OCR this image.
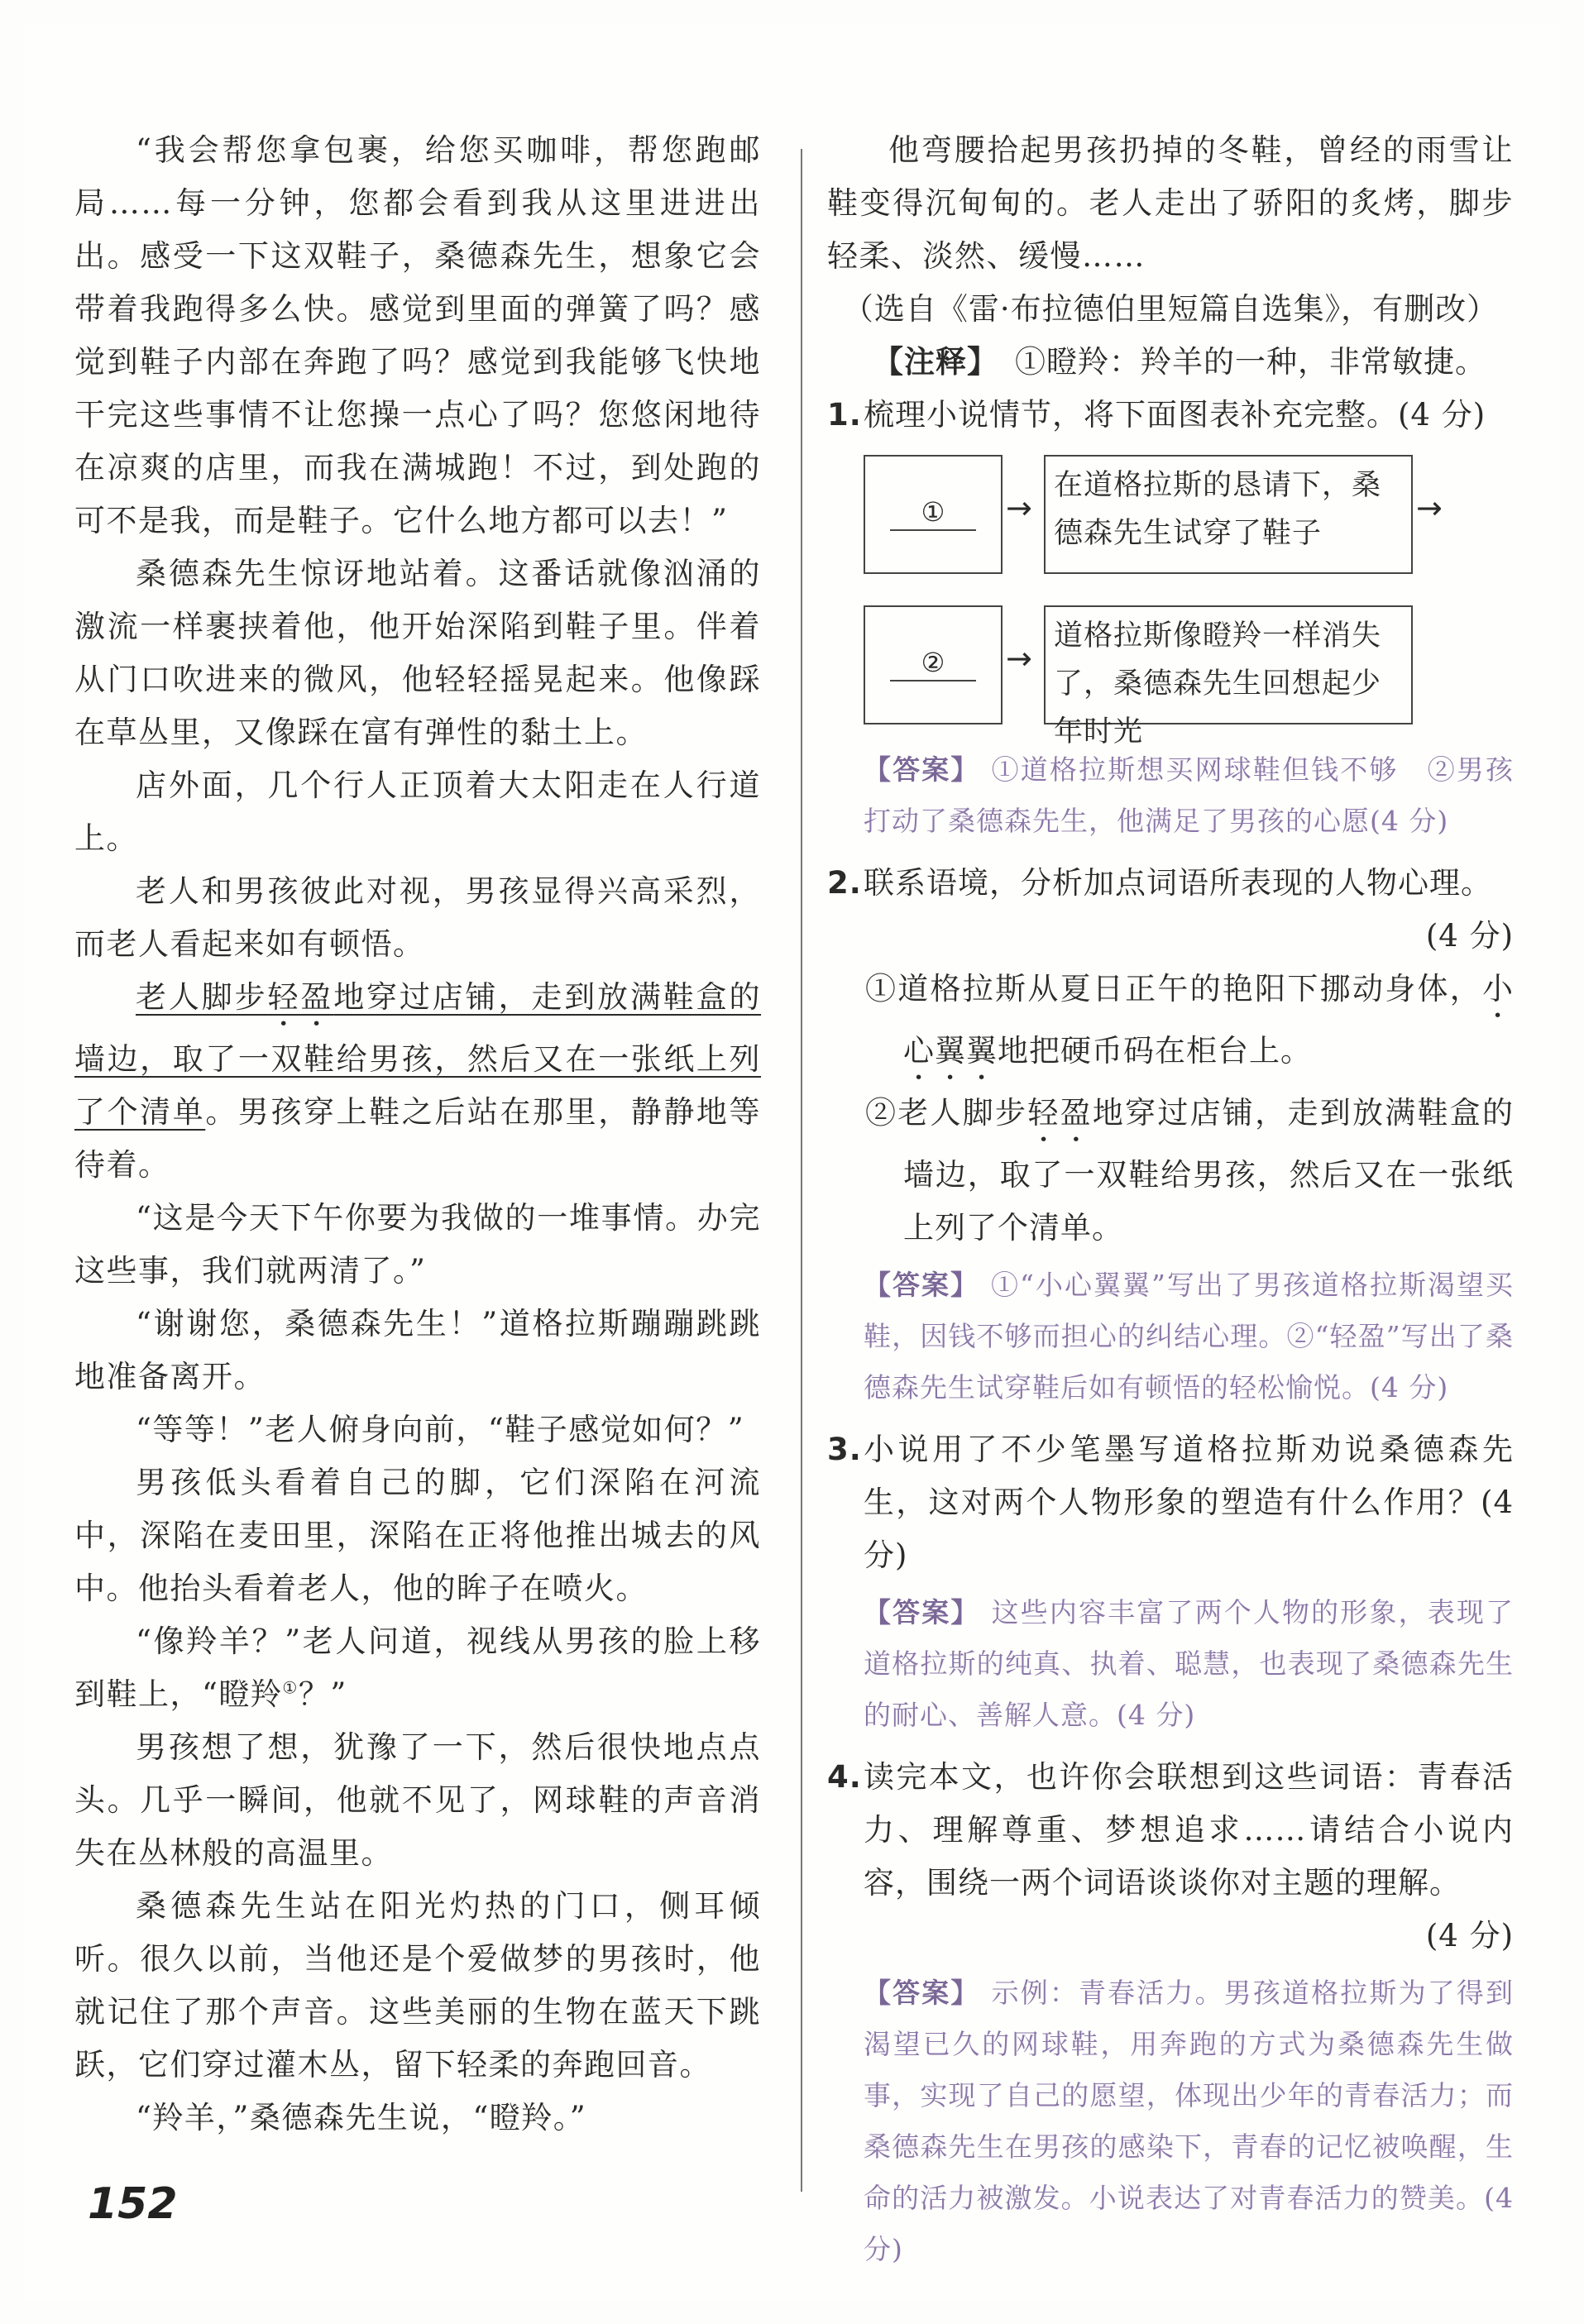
“我会帮您拿包裹，给您买咖啡，帮您跑邮局……每一分钟，您都会看到我从这里进进出出。感受一下这双鞋子，桑德森先生，想象它会带着我跑得多么快。感觉到里面的弹簧了吗？感觉到鞋子内部在奔跑了吗？感觉到我能够飞快地干完这些事情不让您操一点心了吗？您悠闲地待在凉爽的店里，而我在满城跑！不过，到处跑的可不是我，而是鞋子。它什么地方都可以去！”

桑德森先生惊讶地站着。这番话就像汹涌的激流一样裹挟着他，他开始深陷到鞋子里。伴着从门口吹进来的微风，他轻轻摇晃起来。他像踩在草丛里，又像踩在富有弹性的黏土上。

店外面，几个行人正顶着大太阳走在人行道上。

老人和男孩彼此对视，男孩显得兴高采烈，而老人看起来如有顿悟。

老人脚步轻盈地穿过店铺，走到放满鞋盒的墙边，取了一双鞋给男孩，然后又在一张纸上列了个清单。男孩穿上鞋之后站在那里，静静地等待着。

“这是今天下午你要为我做的一堆事情。办完这些事，我们就两清了。”

“谢谢您，桑德森先生！”道格拉斯蹦蹦跳跳地准备离开。

“等等！”老人俯身向前，“鞋子感觉如何？”

男孩低头看着自己的脚，它们深陷在河流中，深陷在麦田里，深陷在正将他推出城去的风中。他抬头看着老人，他的眸子在喷火。

“像羚羊？”老人问道，视线从男孩的脸上移到鞋上，“瞪羚①？”

男孩想了想，犹豫了一下，然后很快地点点头。几乎一瞬间，他就不见了，网球鞋的声音消失在丛林般的高温里。

桑德森先生站在阳光灼热的门口，侧耳倾听。很久以前，当他还是个爱做梦的男孩时，他就记住了那个声音。这些美丽的生物在蓝天下跳跃，它们穿过灌木丛，留下轻柔的奔跑回音。

“羚羊，”桑德森先生说，“瞪羚。”

他弯腰拾起男孩扔掉的冬鞋，曾经的雨雪让鞋变得沉甸甸的。老人走出了骄阳的炙烤，脚步轻柔、淡然、缓慢……

（选自《雷·布拉德伯里短篇自选集》，有删改）

【注释】 ①瞪羚：羚羊的一种，非常敏捷。

1. 梳理小说情节，将下面图表补充完整。(4 分)

①	→
在道格拉斯的恳请下，桑德森先生试穿了鞋子
→
②	→
道格拉斯像瞪羚一样消失了，桑德森先生回想起少年时光

【答案】 ①道格拉斯想买网球鞋但钱不够　②男孩打动了桑德森先生，他满足了男孩的心愿(4 分)

2. 联系语境，分析加点词语所表现的人物心理。

(4 分)

①道格拉斯从夏日正午的艳阳下挪动身体，小心翼翼地把硬币码在柜台上。

②老人脚步轻盈地穿过店铺，走到放满鞋盒的墙边，取了一双鞋给男孩，然后又在一张纸上列了个清单。

【答案】 ①“小心翼翼”写出了男孩道格拉斯渴望买鞋，因钱不够而担心的纠结心理。②“轻盈”写出了桑德森先生试穿鞋后如有顿悟的轻松愉悦。(4 分)

3. 小说用了不少笔墨写道格拉斯劝说桑德森先生，这对两个人物形象的塑造有什么作用？(4 分)

【答案】 这些内容丰富了两个人物的形象，表现了道格拉斯的纯真、执着、聪慧，也表现了桑德森先生的耐心、善解人意。(4 分)

4. 读完本文，也许你会联想到这些词语：青春活力、理解尊重、梦想追求……请结合小说内容，围绕一两个词语谈谈你对主题的理解。

(4 分)

【答案】 示例：青春活力。男孩道格拉斯为了得到渴望已久的网球鞋，用奔跑的方式为桑德森先生做事，实现了自己的愿望，体现出少年的青春活力；而桑德森先生在男孩的感染下，青春的记忆被唤醒，生命的活力被激发。小说表达了对青春活力的赞美。(4 分)

152
